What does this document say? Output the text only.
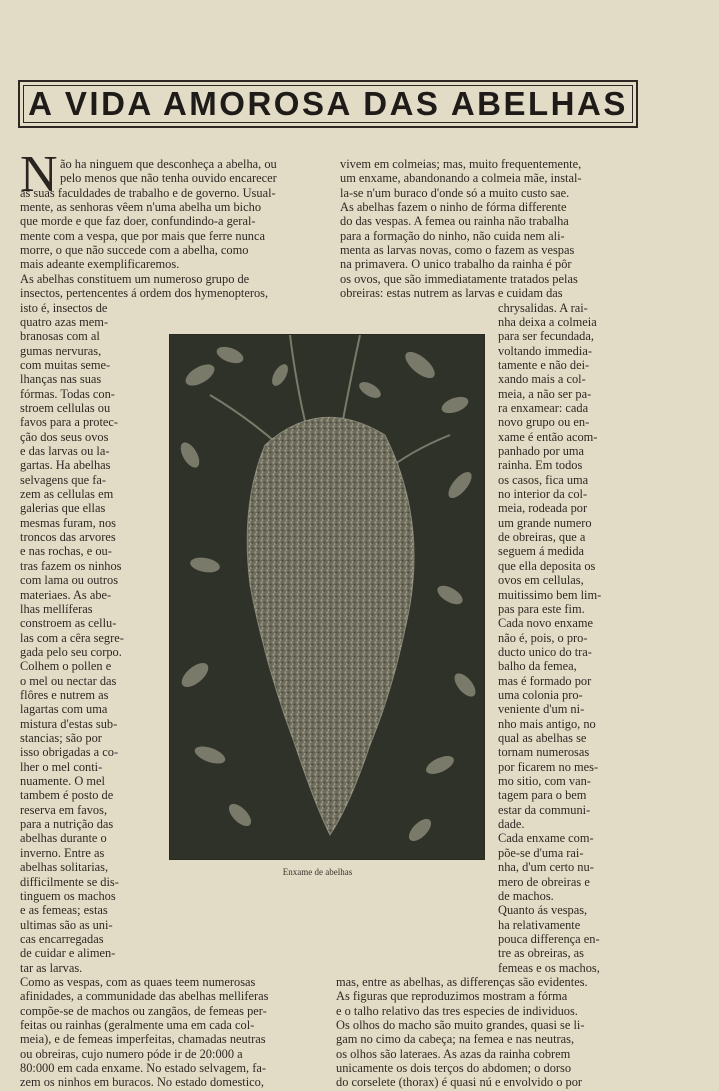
A VIDA AMOROSA DAS ABELHAS
N ão ha ninguem que desconheça a abelha, ou
pelo menos que não tenha ouvido encarecer
as suas faculdades de trabalho e de governo. Usual-
mente, as senhoras vêem n'uma abelha um bicho
que morde e que faz doer, confundindo-a geral-
mente com a vespa, que por mais que ferre nunca
morre, o que não succede com a abelha, como
mais adeante exemplificaremos.
As abelhas constituem um numeroso grupo de
insectos, pertencentes á ordem dos hymenopteros,
isto é, insectos de
quatro azas mem-
branosas com al
gumas nervuras,
com muitas seme-
lhanças nas suas
fórmas. Todas con-
stroem cellulas ou
favos para a protec-
ção dos seus ovos
e das larvas ou la-
gartas. Ha abelhas
selvagens que fa-
zem as cellulas em
galerias que ellas
mesmas furam, nos
troncos das arvores
e nas rochas, e ou-
tras fazem os ninhos
com lama ou outros
materiaes. As abe-
lhas mellíferas
constroem as cellu-
las com a cêra segre-
gada pelo seu corpo.
Colhem o pollen e
o mel ou nectar das
flôres e nutrem as
lagartas com uma
mistura d'estas sub-
stancias; são por
isso obrigadas a co-
lher o mel conti-
nuamente. O mel
tambem é posto de
reserva em favos,
para a nutrição das
abelhas durante o
inverno. Entre as
abelhas solitarias,
difficilmente se dis-
tinguem os machos
e as femeas; estas
ultimas são as uni-
cas encarregadas
de cuidar e alimen-
tar as larvas.
Como as vespas, com as quaes teem numerosas
afinidades, a communidade das abelhas melliferas
compõe-se de machos ou zangãos, de femeas per-
feitas ou rainhas (geralmente uma em cada col-
meia), e de femeas imperfeitas, chamadas neutras
ou obreiras, cujo numero póde ir de 20:000 a
80:000 em cada enxame. No estado selvagem, fa-
zem os ninhos em buracos. No estado domestico,
vivem em colmeias; mas, muito frequentemente,
um enxame, abandonando a colmeia mãe, instal-
la-se n'um buraco d'onde só a muito custo sae.
As abelhas fazem o ninho de fórma differente
do das vespas. A femea ou rainha não trabalha
para a formação do ninho, não cuida nem ali-
menta as larvas novas, como o fazem as vespas
na primavera. O unico trabalho da rainha é pôr
os ovos, que são immediatamente tratados pelas
obreiras: estas nutrem as larvas e cuidam das
chrysalidas. A rai-
nha deixa a colmeia
para ser fecundada,
voltando immedia-
tamente e não dei-
xando mais a col-
meia, a não ser pa-
ra enxamear: cada
novo grupo ou en-
xame é então acom-
panhado por uma
rainha. Em todos
os casos, fica uma
no interior da col-
meia, rodeada por
um grande numero
de obreiras, que a
seguem á medida
que ella deposita os
ovos em cellulas,
muitissimo bem lim-
pas para este fim.
Cada novo enxame
não é, pois, o pro-
ducto unico do tra-
balho da femea,
mas é formado por
uma colonia pro-
veniente d'um ni-
nho mais antigo, no
qual as abelhas se
tornam numerosas
por ficarem no mes-
mo sitio, com van-
tagem para o bem
estar da communi-
dade.
Cada enxame com-
põe-se d'uma rai-
nha, d'um certo nu-
mero de obreiras e
de machos.
Quanto ás vespas,
ha relativamente
pouca differença en-
tre as obreiras, as
femeas e os machos,
mas, entre as abelhas, as differenças são evidentes.
As figuras que reproduzimos mostram a fórma
e o talho relativo das tres especies de individuos.
Os olhos do macho são muito grandes, quasi se li-
gam no cimo da cabeça; na femea e nas neutras,
os olhos são lateraes. As azas da rainha cobrem
unicamente os dois terços do abdomen; o dorso
do corselete (thorax) é quasi nú e envolvido o por
Enxame de abelhas
